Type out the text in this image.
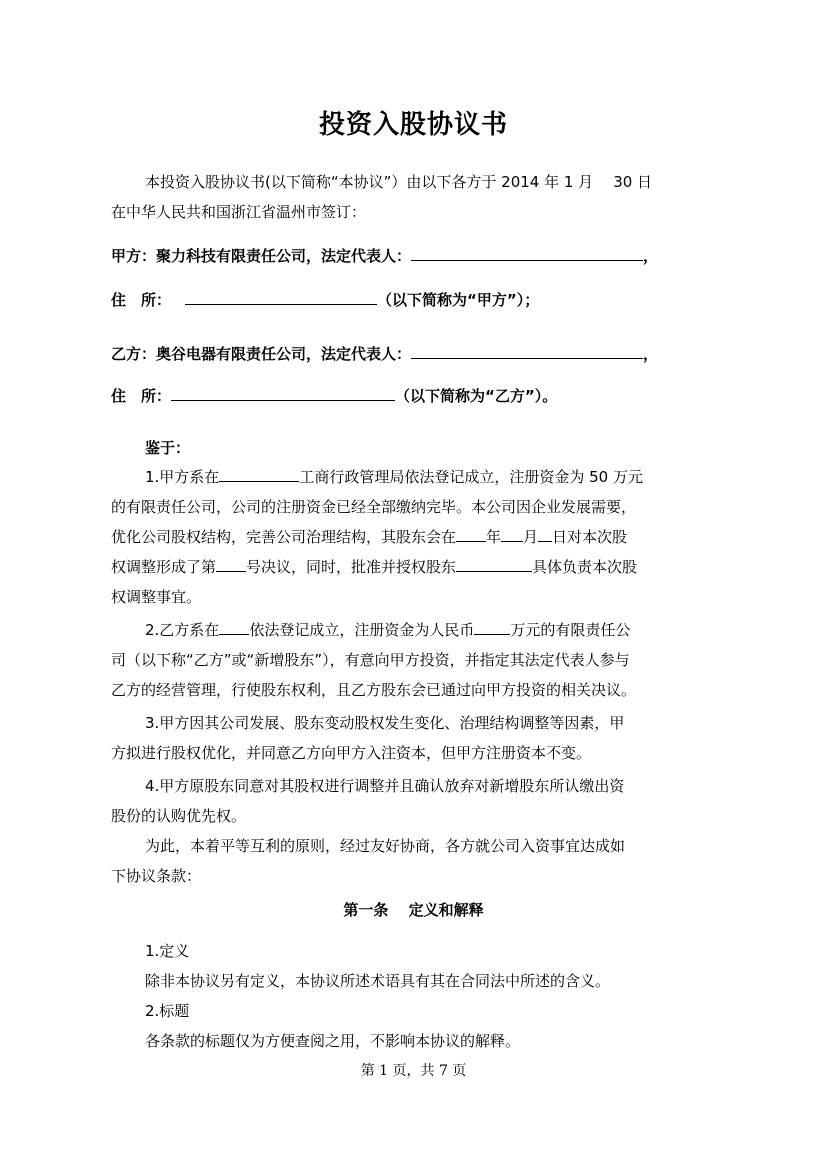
投资入股协议书
本投资入股协议书(以下简称“本协议”）由以下各方于 2014 年 1 月 30 日
在中华人民共和国浙江省温州市签订：
甲方：聚力科技有限责任公司，法定代表人：	，
住　所：	（以下简称为“甲方”）；
乙方：奥谷电器有限责任公司，法定代表人：	，
住　所：	（以下简称为“乙方”）。
鉴于：
1.甲方系在	工商行政管理局依法登记成立，注册资金为 50 万元
的有限责任公司，公司的注册资金已经全部缴纳完毕。本公司因企业发展需要，
优化公司股权结构，完善公司治理结构，其股东会在 年 月 日对本次股
权调整形成了第 号决议，同时，批准并授权股东	具体负责本次股
权调整事宜。
2.乙方系在 依法登记成立，注册资金为人民币 万元的有限责任公
司（以下称“乙方”或“新增股东”），有意向甲方投资，并指定其法定代表人参与
乙方的经营管理，行使股东权利，且乙方股东会已通过向甲方投资的相关决议。
3.甲方因其公司发展、股东变动股权发生变化、治理结构调整等因素，甲
方拟进行股权优化，并同意乙方向甲方入注资本，但甲方注册资本不变。
4.甲方原股东同意对其股权进行调整并且确认放弃对新增股东所认缴出资
股份的认购优先权。
为此，本着平等互利的原则，经过友好协商，各方就公司入资事宜达成如
下协议条款：
第一条　 定义和解释
1.定义
除非本协议另有定义，本协议所述术语具有其在合同法中所述的含义。
2.标题
各条款的标题仅为方便查阅之用，不影响本协议的解释。
第 1 页，共 7 页
